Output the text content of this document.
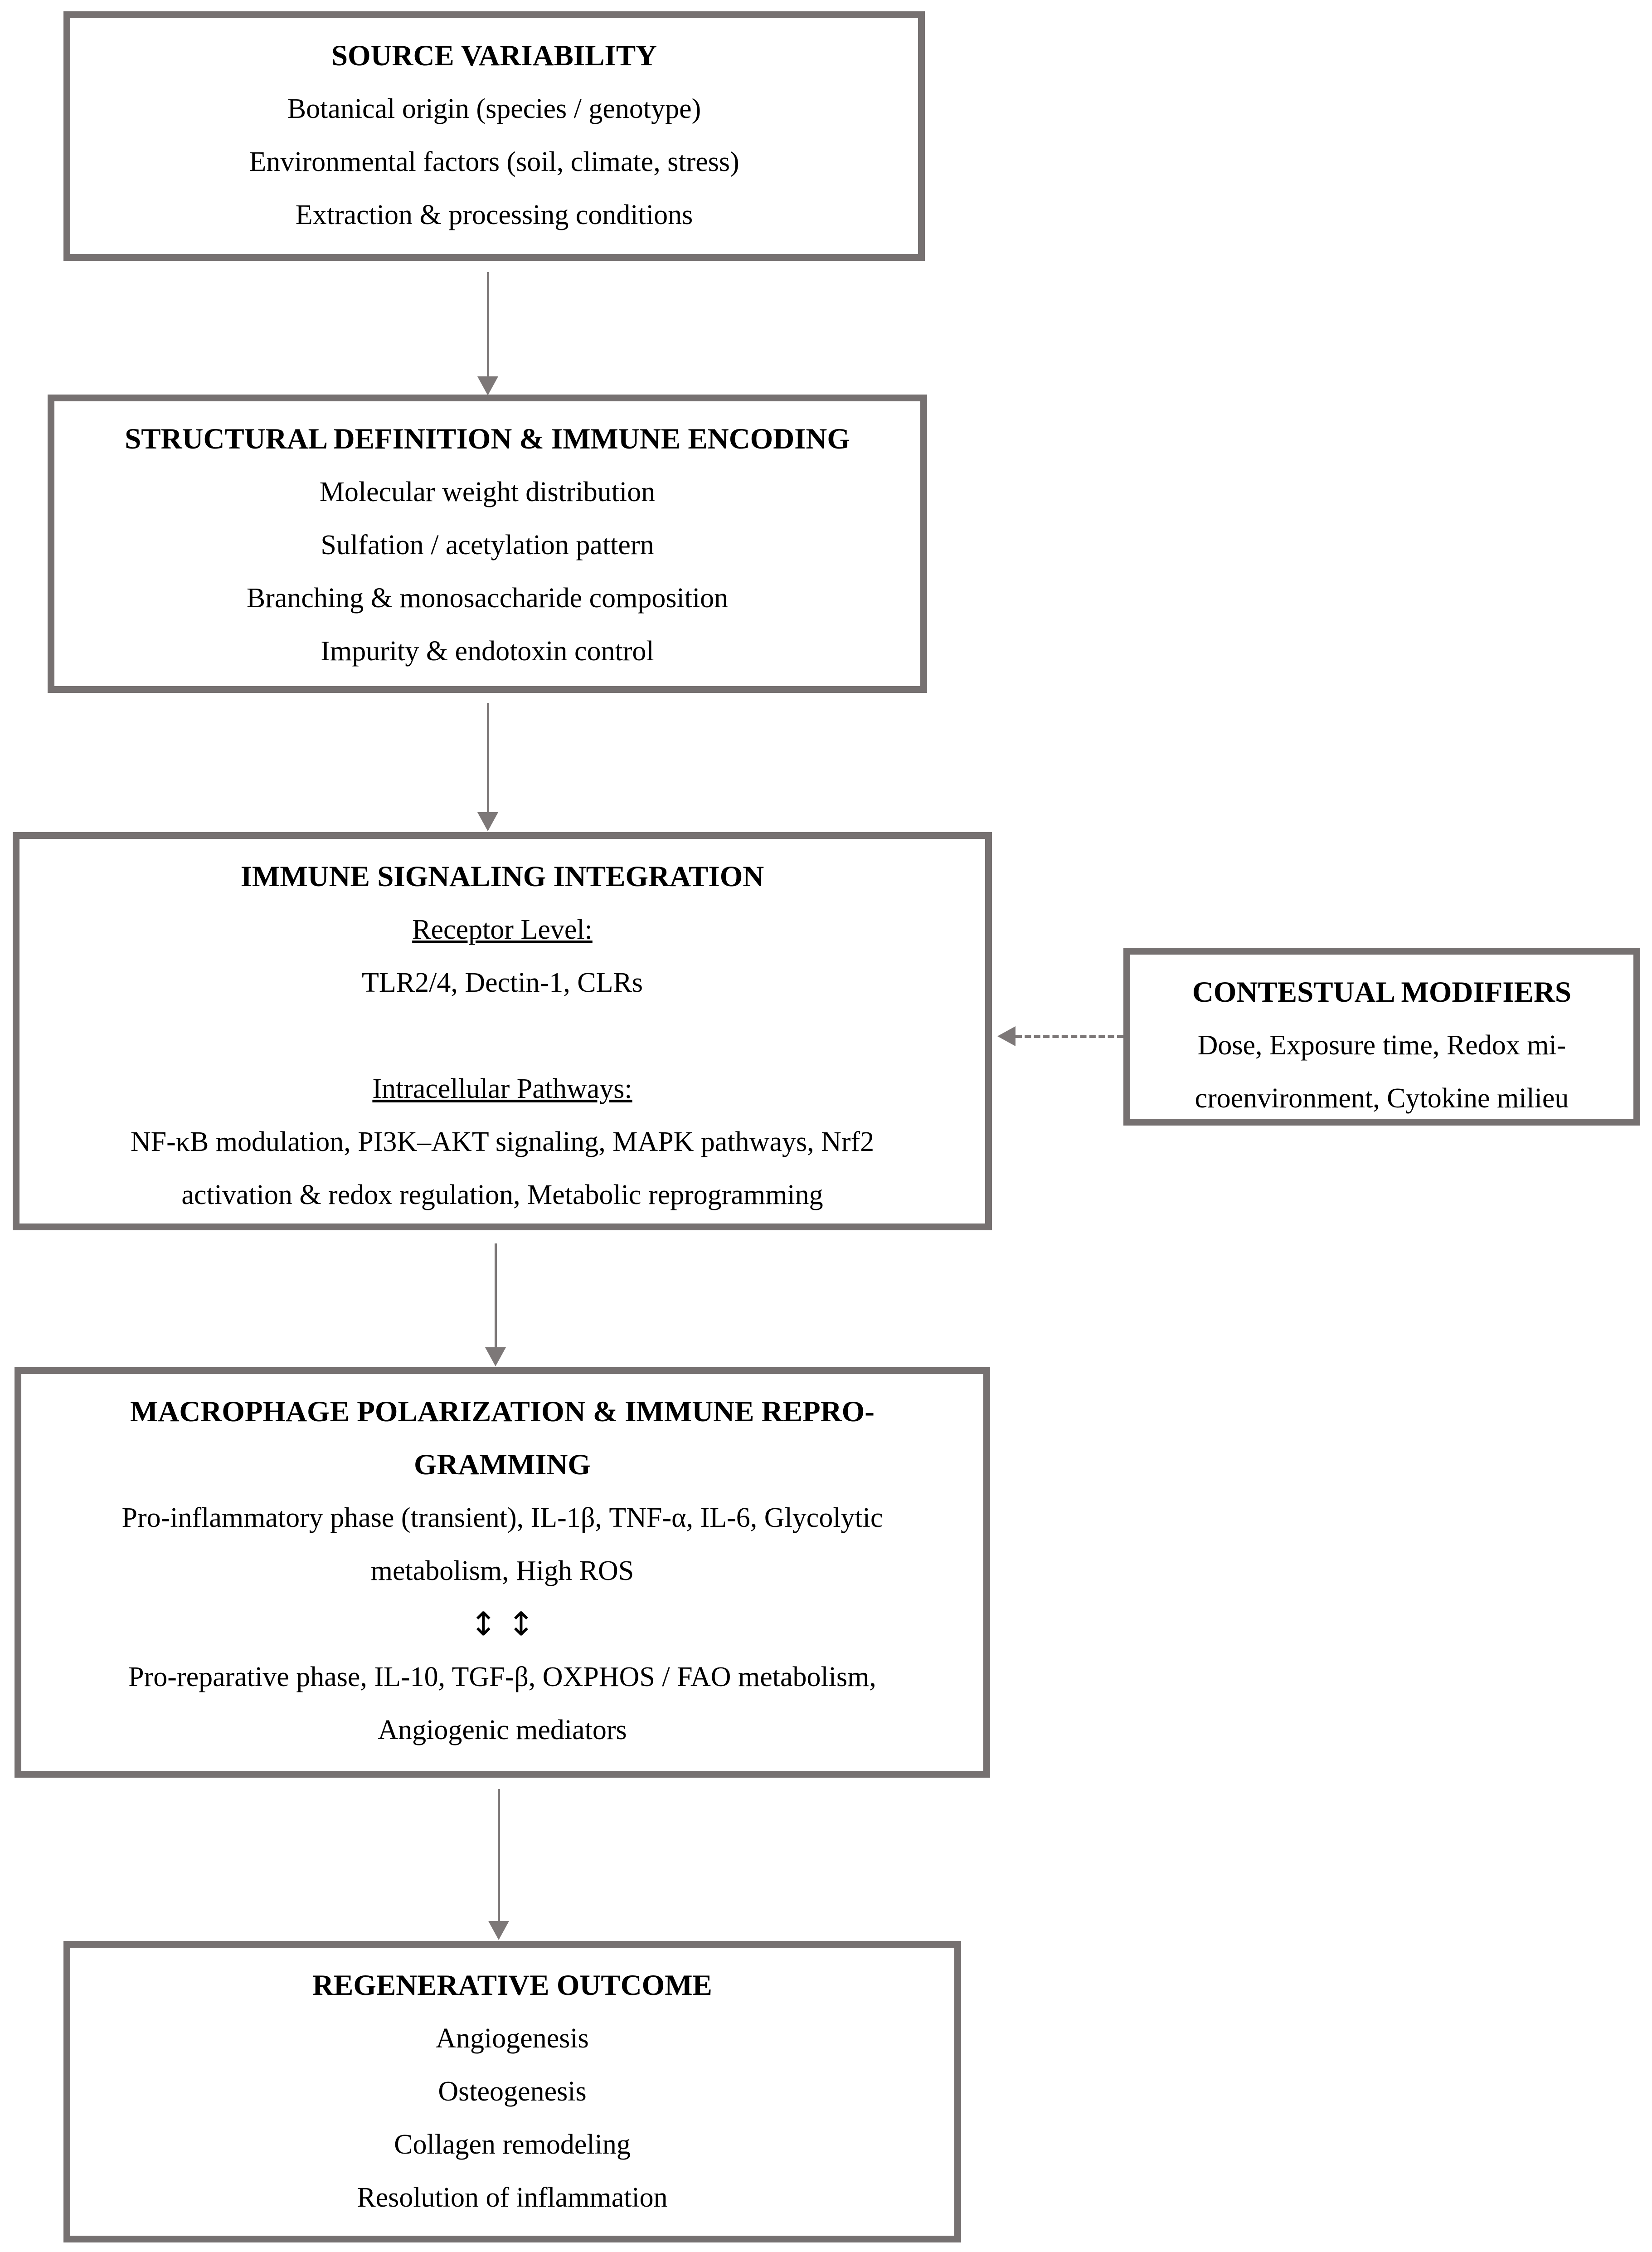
SOURCE VARIABILITY
Botanical origin (species / genotype)
Environmental factors (soil, climate, stress)
Extraction & processing conditions
STRUCTURAL DEFINITION & IMMUNE ENCODING
Molecular weight distribution
Sulfation / acetylation pattern
Branching & monosaccharide composition
Impurity & endotoxin control
IMMUNE SIGNALING INTEGRATION
Receptor Level:
TLR2/4, Dectin-1, CLRs
Intracellular Pathways:
NF-κB modulation, PI3K–AKT signaling, MAPK pathways, Nrf2
activation & redox regulation, Metabolic reprogramming
CONTESTUAL MODIFIERS
Dose, Exposure time, Redox mi-
croenvironment, Cytokine milieu
MACROPHAGE POLARIZATION & IMMUNE REPRO-
GRAMMING
Pro-inflammatory phase (transient), IL-1β, TNF-α, IL-6, Glycolytic
metabolism, High ROS
↕ ↕
Pro-reparative phase, IL-10, TGF-β, OXPHOS / FAO metabolism,
Angiogenic mediators
REGENERATIVE OUTCOME
Angiogenesis
Osteogenesis
Collagen remodeling
Resolution of inflammation
